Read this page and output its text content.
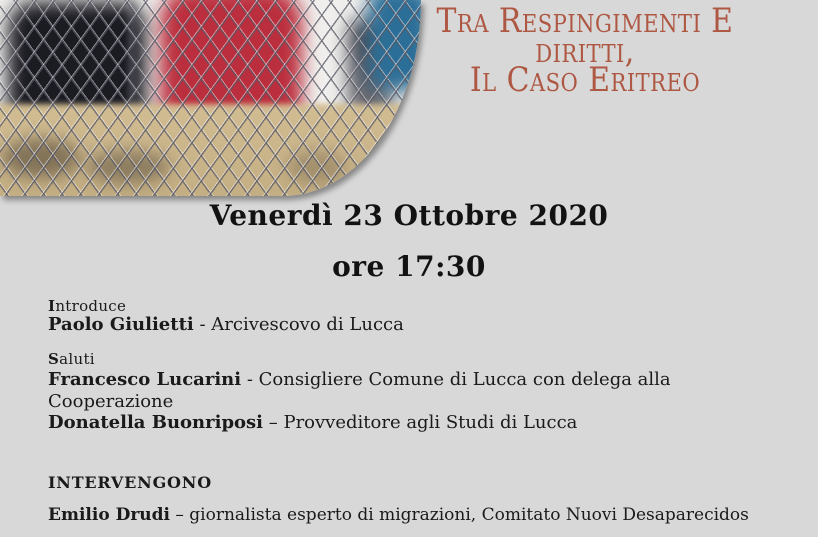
Tra Respingimenti E
diritti,
Il Caso Eritreo
Venerdì 23 Ottobre 2020
ore 17:30
Introduce
Paolo Giulietti - Arcivescovo di Lucca
Saluti
Francesco Lucarini - Consigliere Comune di Lucca con delega alla
Cooperazione
Donatella Buonriposi – Provveditore agli Studi di Lucca
INTERVENGONO
Emilio Drudi – giornalista esperto di migrazioni, Comitato Nuovi Desaparecidos
